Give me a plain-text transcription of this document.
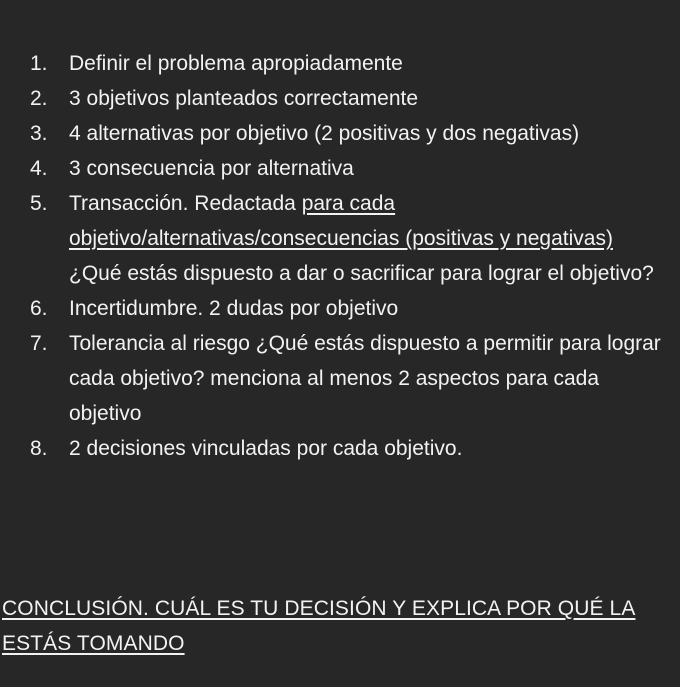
1.	Definir el problema apropiadamente
2.	3 objetivos planteados correctamente
3.	4 alternativas por objetivo (2 positivas y dos negativas)
4.	3 consecuencia por alternativa
5.	Transacción. Redactada para cada objetivo/alternativas/consecuencias (positivas y negativas) ¿Qué estás dispuesto a dar o sacrificar para lograr el objetivo?
6.	Incertidumbre. 2 dudas por objetivo
7.	Tolerancia al riesgo ¿Qué estás dispuesto a permitir para lograr cada objetivo? menciona al menos 2 aspectos para cada objetivo
8.	2 decisiones vinculadas por cada objetivo.
CONCLUSIÓN. CUÁL ES TU DECISIÓN Y EXPLICA POR QUÉ LA ESTÁS TOMANDO
